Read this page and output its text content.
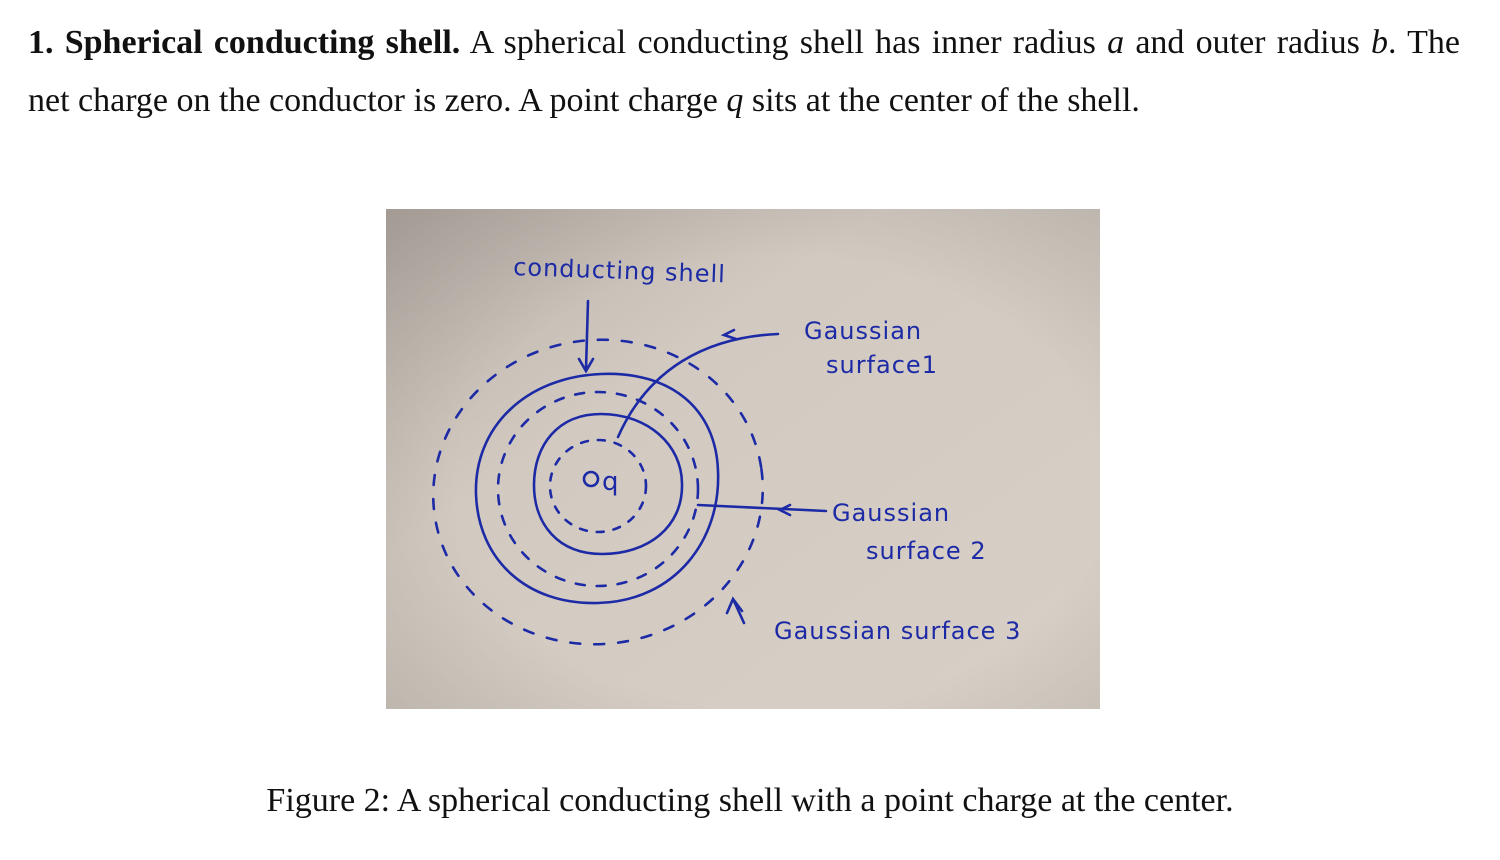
1. Spherical conducting shell. A spherical conducting shell has inner radius a and outer radius b. The net charge on the conductor is zero. A point charge q sits at the center of the shell.

conducting shell
Gaussian
surface1
Gaussian
surface 2
Gaussian surface 3
q

Figure 2: A spherical conducting shell with a point charge at the center.
